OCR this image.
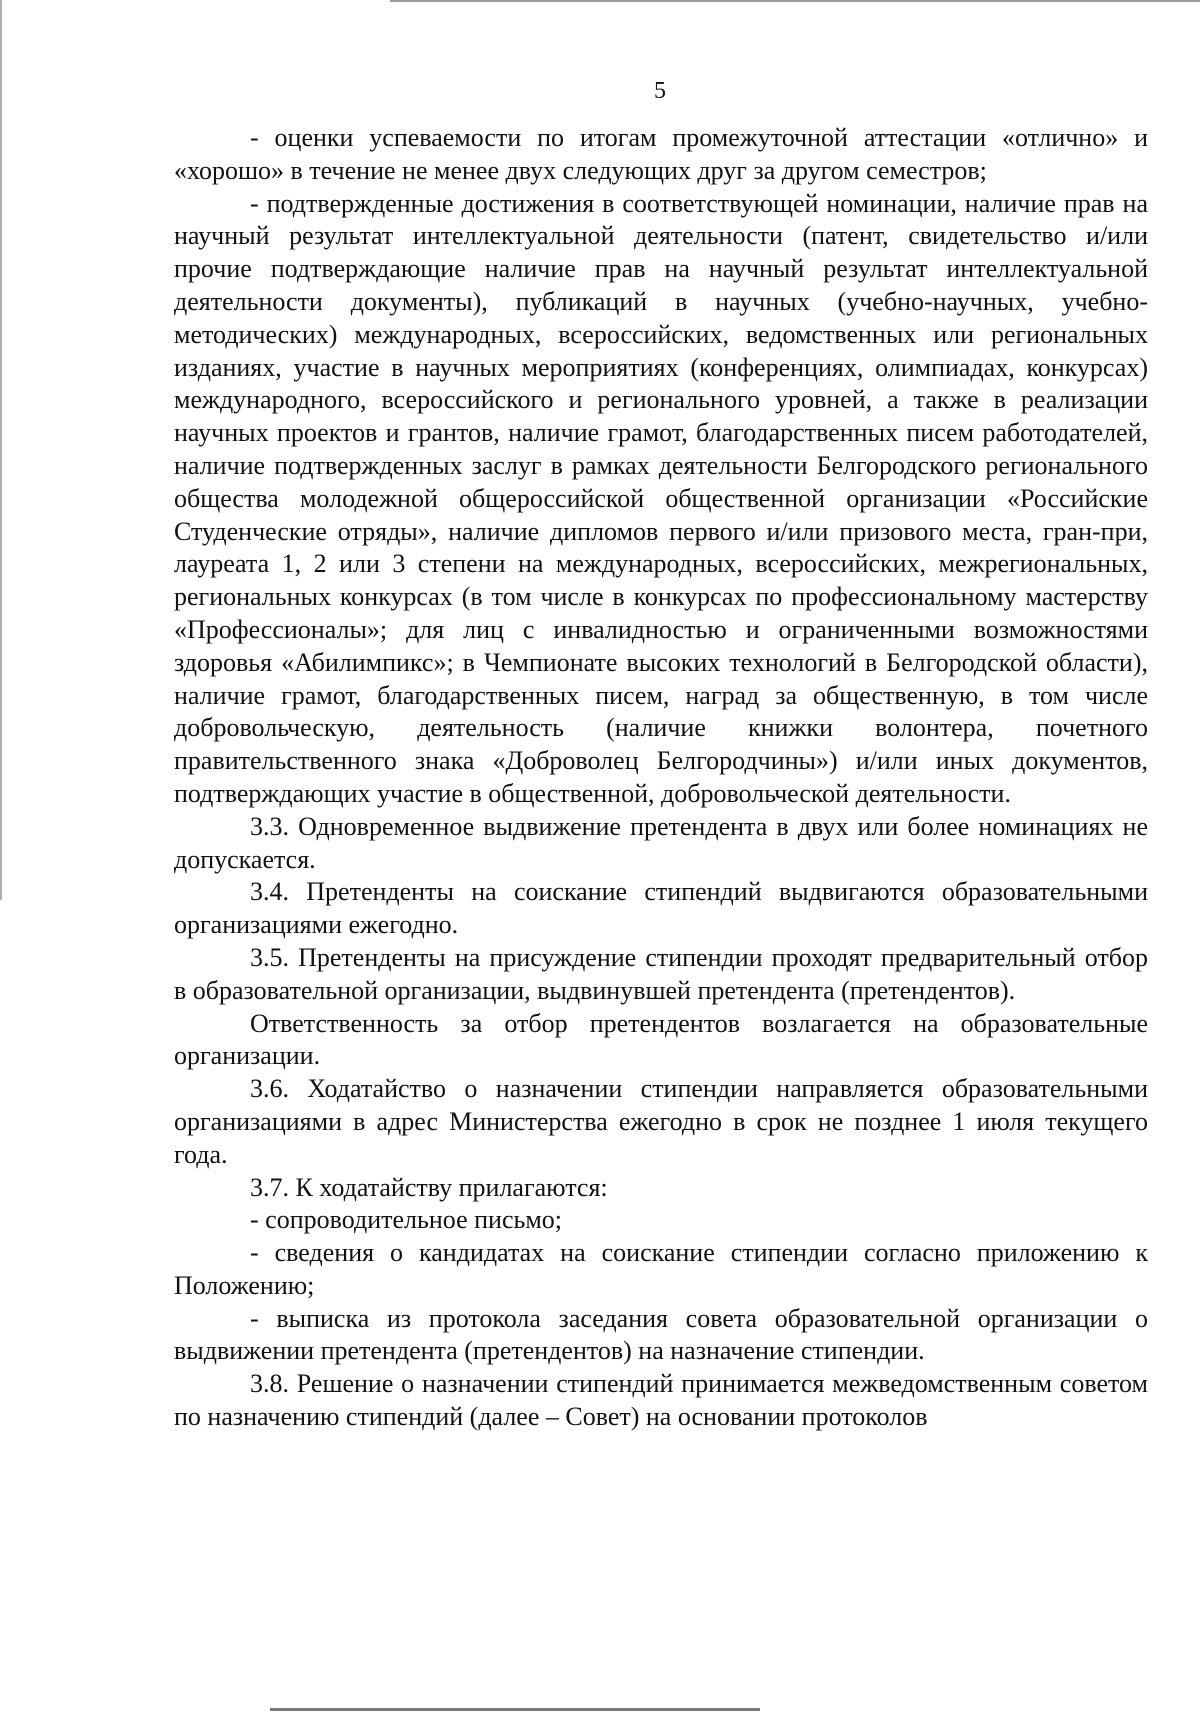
5

- оценки успеваемости по итогам промежуточной аттестации «отлично» и «хорошо» в течение не менее двух следующих друг за другом семестров;

- подтвержденные достижения в соответствующей номинации, наличие прав на научный результат интеллектуальной деятельности (патент, свидетельство и/или прочие подтверждающие наличие прав на научный результат интеллектуальной деятельности документы), публикаций в научных (учебно-научных, учебно-методических) международных, всероссийских, ведомственных или региональных изданиях, участие в научных мероприятиях (конференциях, олимпиадах, конкурсах) международного, всероссийского и регионального уровней, а также в реализации научных проектов и грантов, наличие грамот, благодарственных писем работодателей, наличие подтвержденных заслуг в рамках деятельности Белгородского регионального общества молодежной общероссийской общественной организации «Российские Студенческие отряды», наличие дипломов первого и/или призового места, гран-при, лауреата 1, 2 или 3 степени на международных, всероссийских, межрегиональных, региональных конкурсах (в том числе в конкурсах по профессиональному мастерству «Профессионалы»; для лиц с инвалидностью и ограниченными возможностями здоровья «Абилимпикс»; в Чемпионате высоких технологий в Белгородской области), наличие грамот, благодарственных писем, наград за общественную, в том числе добровольческую, деятельность (наличие книжки волонтера, почетного правительственного знака «Доброволец Белгородчины») и/или иных документов, подтверждающих участие в общественной, добровольческой деятельности.

3.3. Одновременное выдвижение претендента в двух или более номинациях не допускается.

3.4. Претенденты на соискание стипендий выдвигаются образовательными организациями ежегодно.

3.5. Претенденты на присуждение стипендии проходят предварительный отбор в образовательной организации, выдвинувшей претендента (претендентов).

Ответственность за отбор претендентов возлагается на образовательные организации.

3.6. Ходатайство о назначении стипендии направляется образовательными организациями в адрес Министерства ежегодно в срок не позднее 1 июля текущего года.

3.7. К ходатайству прилагаются:

- сопроводительное письмо;

- сведения о кандидатах на соискание стипендии согласно приложению к Положению;

- выписка из протокола заседания совета образовательной организации о выдвижении претендента (претендентов) на назначение стипендии.

3.8. Решение о назначении стипендий принимается межведомственным советом по назначению стипендий (далее – Совет) на основании протоколов
